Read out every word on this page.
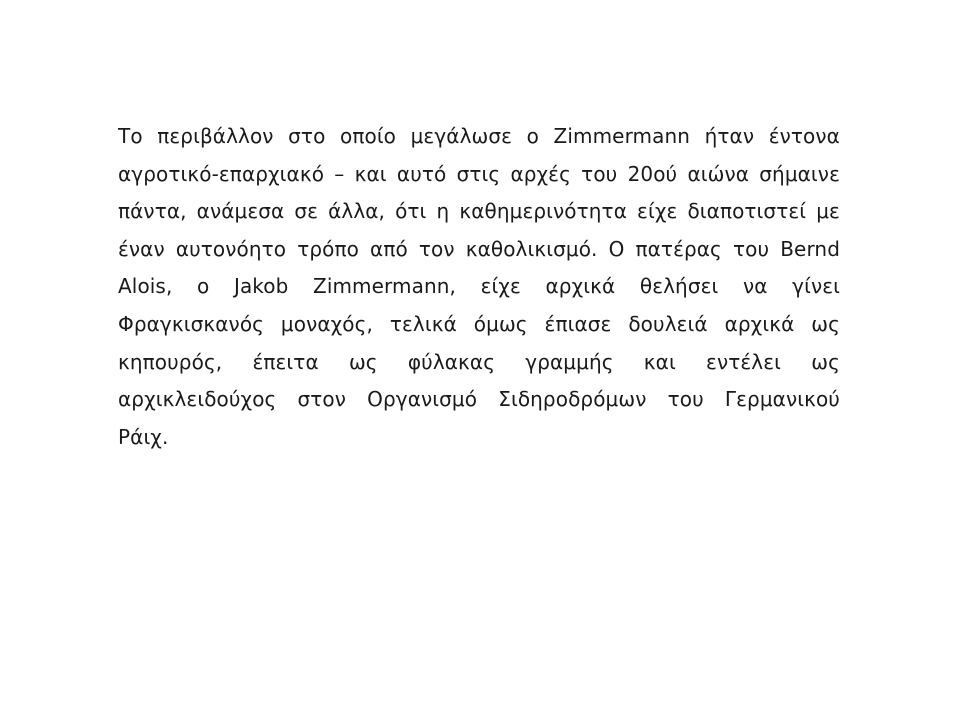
Το περιβάλλον στο οποίο μεγάλωσε ο Zimmermann ήταν έντονα
αγροτικό-επαρχιακό – και αυτό στις αρχές του 20ού αιώνα σήμαινε
πάντα, ανάμεσα σε άλλα, ότι η καθημερινότητα είχε διαποτιστεί με
έναν αυτονόητο τρόπο από τον καθολικισμό. Ο πατέρας του Bernd
Alois, ο Jakob Zimmermann, είχε αρχικά θελήσει να γίνει
Φραγκισκανός μοναχός, τελικά όμως έπιασε δουλειά αρχικά ως
κηπουρός, έπειτα ως φύλακας γραμμής και εντέλει ως
αρχικλειδούχος στον Οργανισμό Σιδηροδρόμων του Γερμανικού
Ράιχ.
